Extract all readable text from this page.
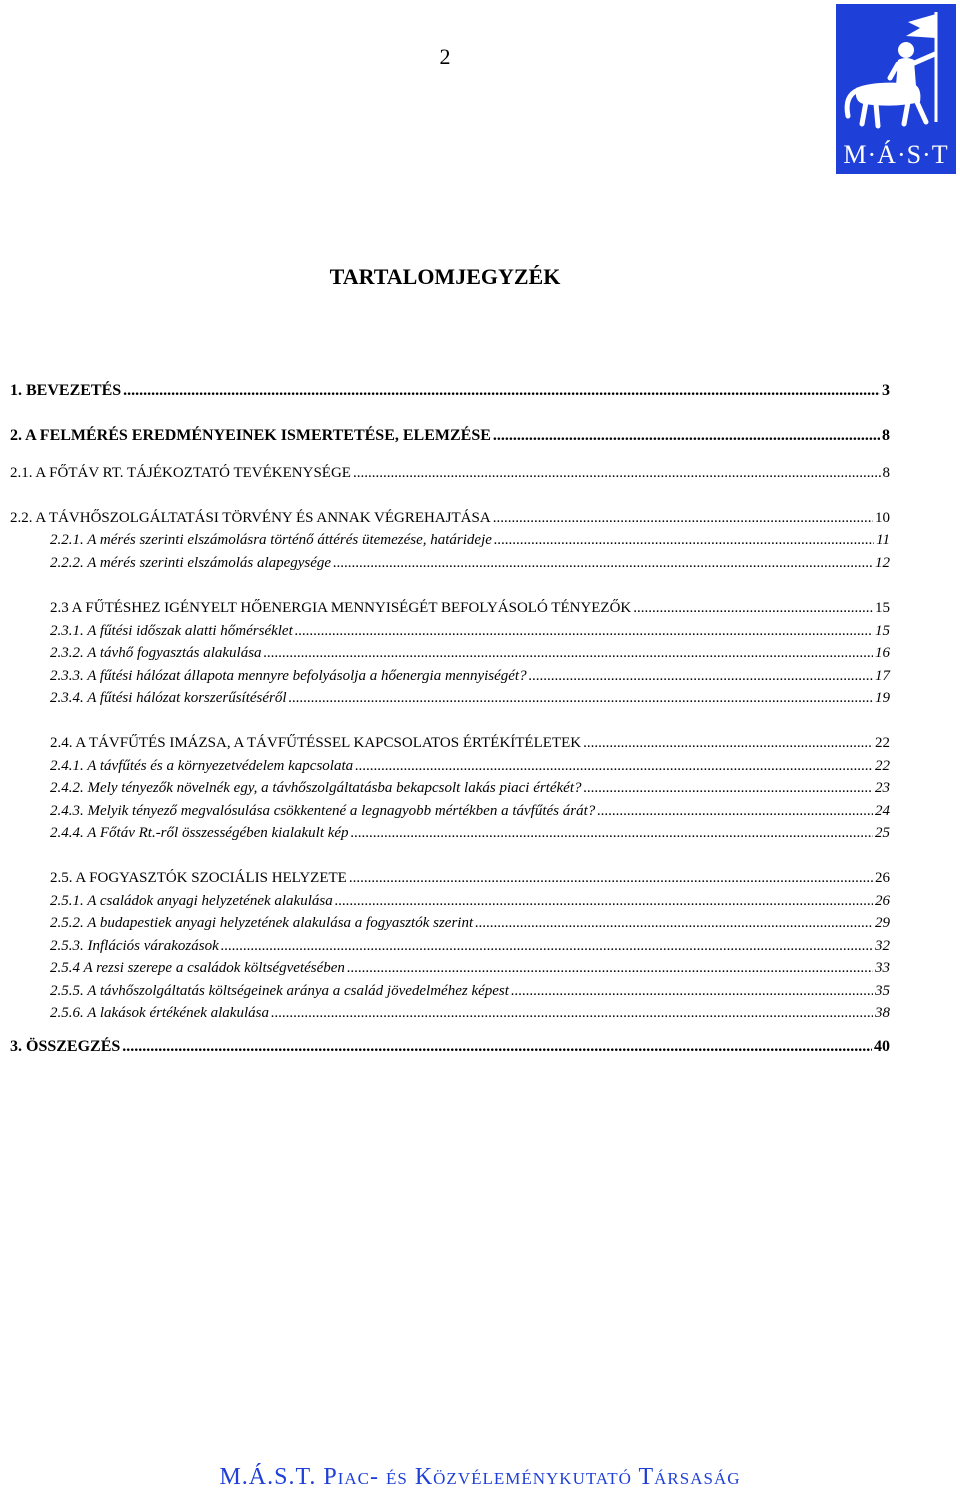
2
M·Á·S·T
TARTALOMJEGYZÉK
1. BEVEZETÉS .....	3
2. A FELMÉRÉS EREDMÉNYEINEK ISMERTETÉSE, ELEMZÉSE .....	8
2.1. A FŐTÁV RT. TÁJÉKOZTATÓ TEVÉKENYSÉGE .....	8
2.2. A TÁVHŐSZOLGÁLTATÁSI TÖRVÉNY ÉS ANNAK VÉGREHAJTÁSA .....	10
2.2.1. A mérés szerinti elszámolásra történő áttérés ütemezése, határideje .....	11
2.2.2. A mérés szerinti elszámolás alapegysége .....	12
2.3 A FŰTÉSHEZ IGÉNYELT HŐENERGIA MENNYISÉGÉT BEFOLYÁSOLÓ TÉNYEZŐK .....	15
2.3.1. A fűtési időszak alatti hőmérséklet .....	15
2.3.2. A távhő fogyasztás alakulása .....	16
2.3.3. A fűtési hálózat állapota mennyre befolyásolja a hőenergia mennyiségét? .....	17
2.3.4. A fűtési hálózat korszerűsítéséről .....	19
2.4. A TÁVFŰTÉS IMÁZSA, A TÁVFŰTÉSSEL KAPCSOLATOS ÉRTÉKÍTÉLETEK .....	22
2.4.1. A távfűtés és a környezetvédelem kapcsolata .....	22
2.4.2. Mely tényezők növelnék egy, a távhőszolgáltatásba bekapcsolt lakás piaci értékét? .....	23
2.4.3. Melyik tényező megvalósulása csökkentené a legnagyobb mértékben a távfűtés árát? .....	24
2.4.4. A Főtáv Rt.-ről összességében kialakult kép .....	25
2.5. A FOGYASZTÓK SZOCIÁLIS HELYZETE .....	26
2.5.1. A családok anyagi helyzetének alakulása .....	26
2.5.2. A budapestiek anyagi helyzetének alakulása a fogyasztók szerint .....	29
2.5.3. Inflációs várakozások .....	32
2.5.4 A rezsi szerepe a családok költségvetésében .....	33
2.5.5. A távhőszolgáltatás költségeinek aránya a család jövedelméhez képest .....	35
2.5.6. A lakások értékének alakulása .....	38
3. ÖSSZEGZÉS .....	40
M.Á.S.T. Piac- és Közvéleménykutató Társaság
